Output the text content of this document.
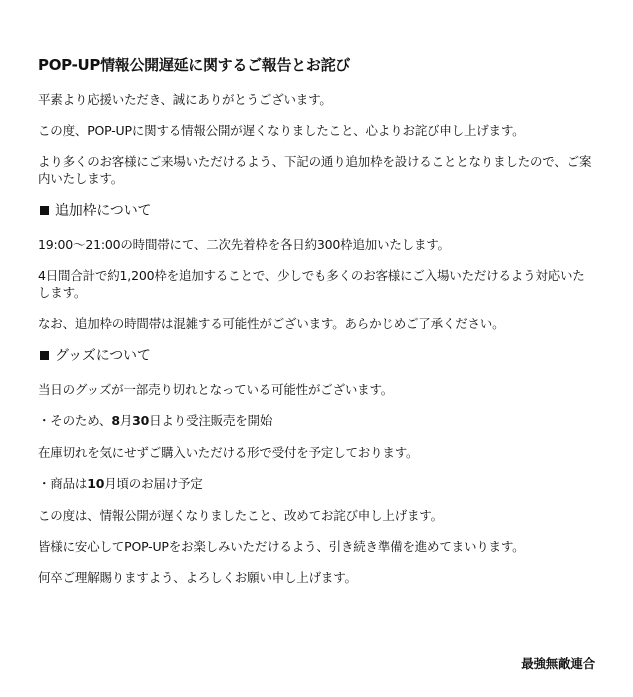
POP-UP情報公開遅延に関するご報告とお詫び

平素より応援いただき、誠にありがとうございます。

この度、POP-UPに関する情報公開が遅くなりましたこと、心よりお詫び申し上げます。

より多くのお客様にご来場いただけるよう、下記の通り追加枠を設けることとなりましたので、ご案内いたします。

追加枠について

19:00～21:00の時間帯にて、二次先着枠を各日約300枠追加いたします。

4日間合計で約1,200枠を追加することで、少しでも多くのお客様にご入場いただけるよう対応いたします。

なお、追加枠の時間帯は混雑する可能性がございます。あらかじめご了承ください。

グッズについて

当日のグッズが一部売り切れとなっている可能性がございます。

・そのため、8月30日より受注販売を開始

在庫切れを気にせずご購入いただける形で受付を予定しております。

・商品は10月頃のお届け予定

この度は、情報公開が遅くなりましたこと、改めてお詫び申し上げます。

皆様に安心してPOP-UPをお楽しみいただけるよう、引き続き準備を進めてまいります。

何卒ご理解賜りますよう、よろしくお願い申し上げます。

最強無敵連合
